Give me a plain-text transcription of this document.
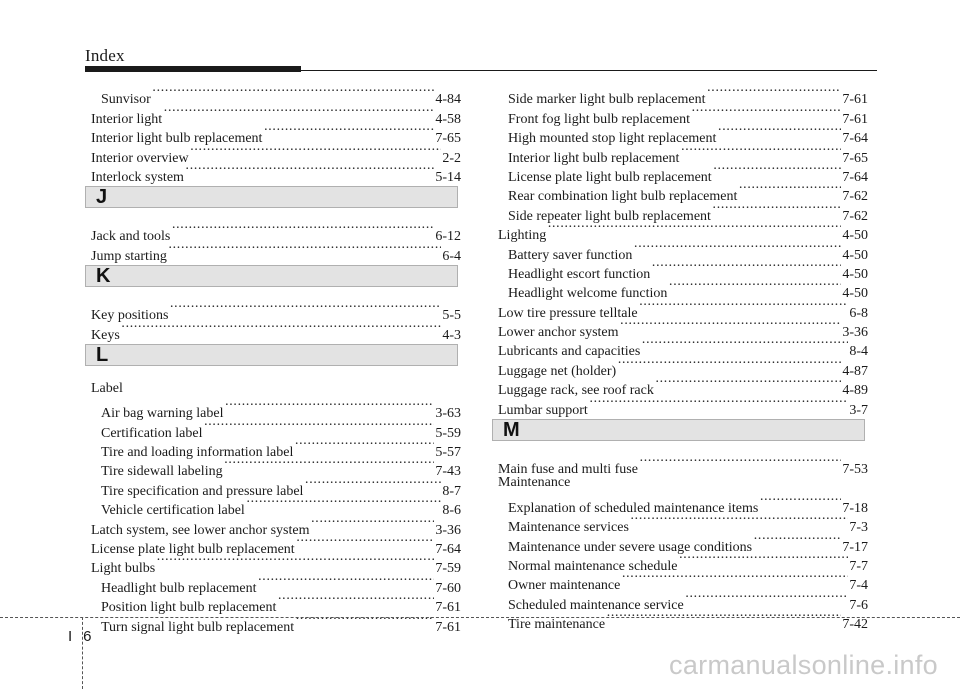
Index
Sunvisor ·····	4-84
Interior light ·····	4-58
Interior light bulb replacement ·····	7-65
Interior overview ·····	2-2
Interlock system ·····	5-14
J
Jack and tools ·····	6-12
Jump starting ·····	6-4
K
Key positions ·····	5-5
Keys ·····	4-3
L
Label
Air bag warning label ·····	3-63
Certification label ·····	5-59
Tire and loading information label ·····	5-57
Tire sidewall labeling ·····	7-43
Tire specification and pressure label ·····	8-7
Vehicle certification label ·····	8-6
Latch system, see lower anchor system ·····	3-36
License plate light bulb replacement ·····	7-64
Light bulbs ·····	7-59
Headlight bulb replacement ·····	7-60
Position light bulb replacement ·····	7-61
Turn signal light bulb replacement ·····	7-61
Side marker light bulb replacement ·····	7-61
Front fog light bulb replacement ·····	7-61
High mounted stop light replacement ·····	7-64
Interior light bulb replacement ·····	7-65
License plate light bulb replacement ·····	7-64
Rear combination light bulb replacement ·····	7-62
Side repeater light bulb replacement ·····	7-62
Lighting ·····	4-50
Battery saver function ·····	4-50
Headlight escort function ·····	4-50
Headlight welcome function ·····	4-50
Low tire pressure telltale ·····	6-8
Lower anchor system ·····	3-36
Lubricants and capacities ·····	8-4
Luggage net (holder) ·····	4-87
Luggage rack, see roof rack ·····	4-89
Lumbar support ·····	3-7
M
Main fuse and multi fuse ·····	7-53
Maintenance
Explanation of scheduled maintenance items ·····	7-18
Maintenance services ·····	7-3
Maintenance under severe usage conditions ·····	7-17
Normal maintenance schedule ·····	7-7
Owner maintenance ·····	7-4
Scheduled maintenance service ·····	7-6
Tire maintenance ·····	7-42
I 6
carmanualsonline.info
